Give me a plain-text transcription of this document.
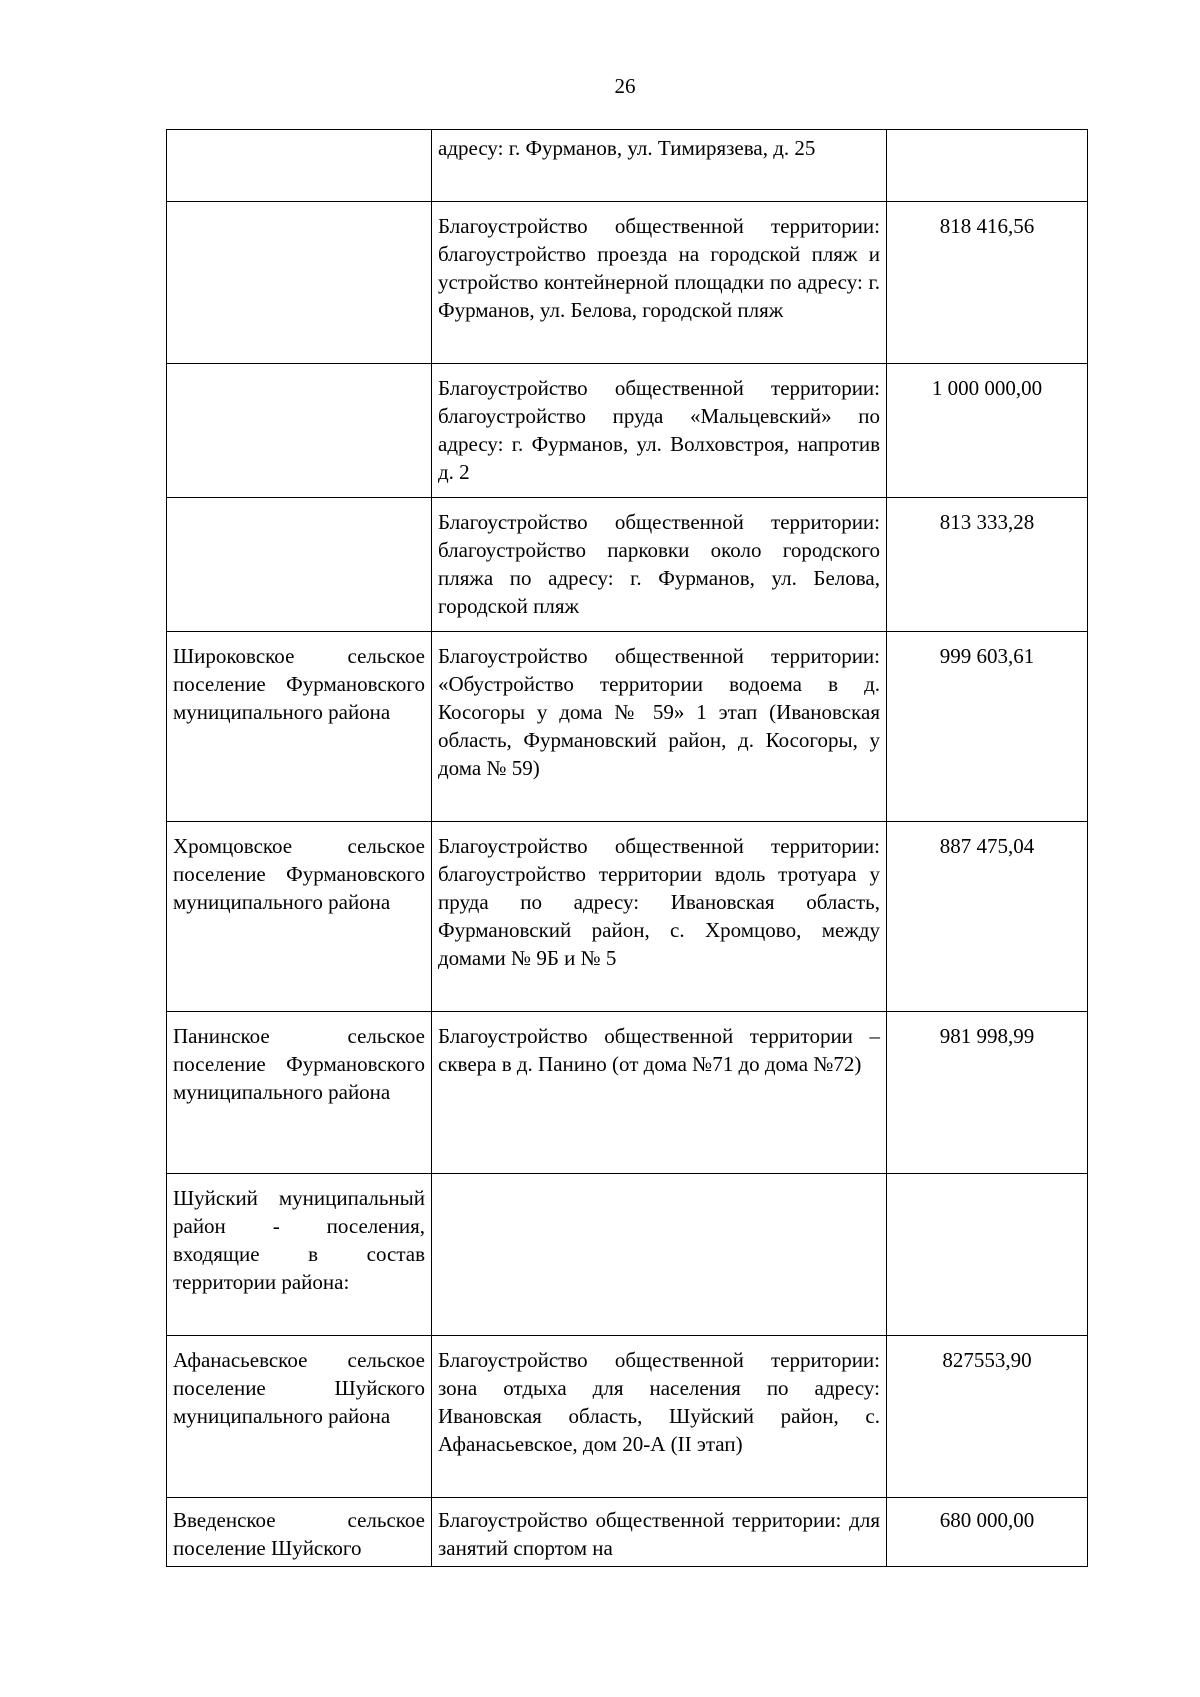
26
	адресу: г. Фурманов, ул. Тимирязева, д. 25	
	Благоустройство общественной территории: благоустройство проезда на городской пляж и устройство контейнерной площадки по адресу: г. Фурманов, ул. Белова, городской пляж	818 416,56
	Благоустройство общественной территории: благоустройство пруда «Мальцевский» по адресу: г. Фурманов, ул. Волховстроя, напротив д. 2	1 000 000,00
	Благоустройство общественной территории: благоустройство парковки около городского пляжа по адресу: г. Фурманов, ул. Белова, городской пляж	813 333,28
Широковское сельское поселение Фурмановского муниципального района	Благоустройство общественной территории: «Обустройство территории водоема в д. Косогоры у дома № 59» 1 этап (Ивановская область, Фурмановский район, д. Косогоры, у дома № 59)	999 603,61
Хромцовское сельское поселение Фурмановского муниципального района	Благоустройство общественной территории: благоустройство территории вдоль тротуара у пруда по адресу: Ивановская область, Фурмановский район, с. Хромцово, между домами № 9Б и № 5	887 475,04
Панинское сельское поселение Фурмановского муниципального района	Благоустройство общественной территории – сквера в д. Панино (от дома №71 до дома №72)	981 998,99
Шуйский муниципальный район - поселения, входящие в состав территории района:		
Афанасьевское сельское поселение Шуйского муниципального района	Благоустройство общественной территории: зона отдыха для населения по адресу: Ивановская область, Шуйский район, с. Афанасьевское, дом 20-А (II этап)	827553,90
Введенское сельское поселение Шуйского	Благоустройство общественной территории: для занятий спортом на	680 000,00
